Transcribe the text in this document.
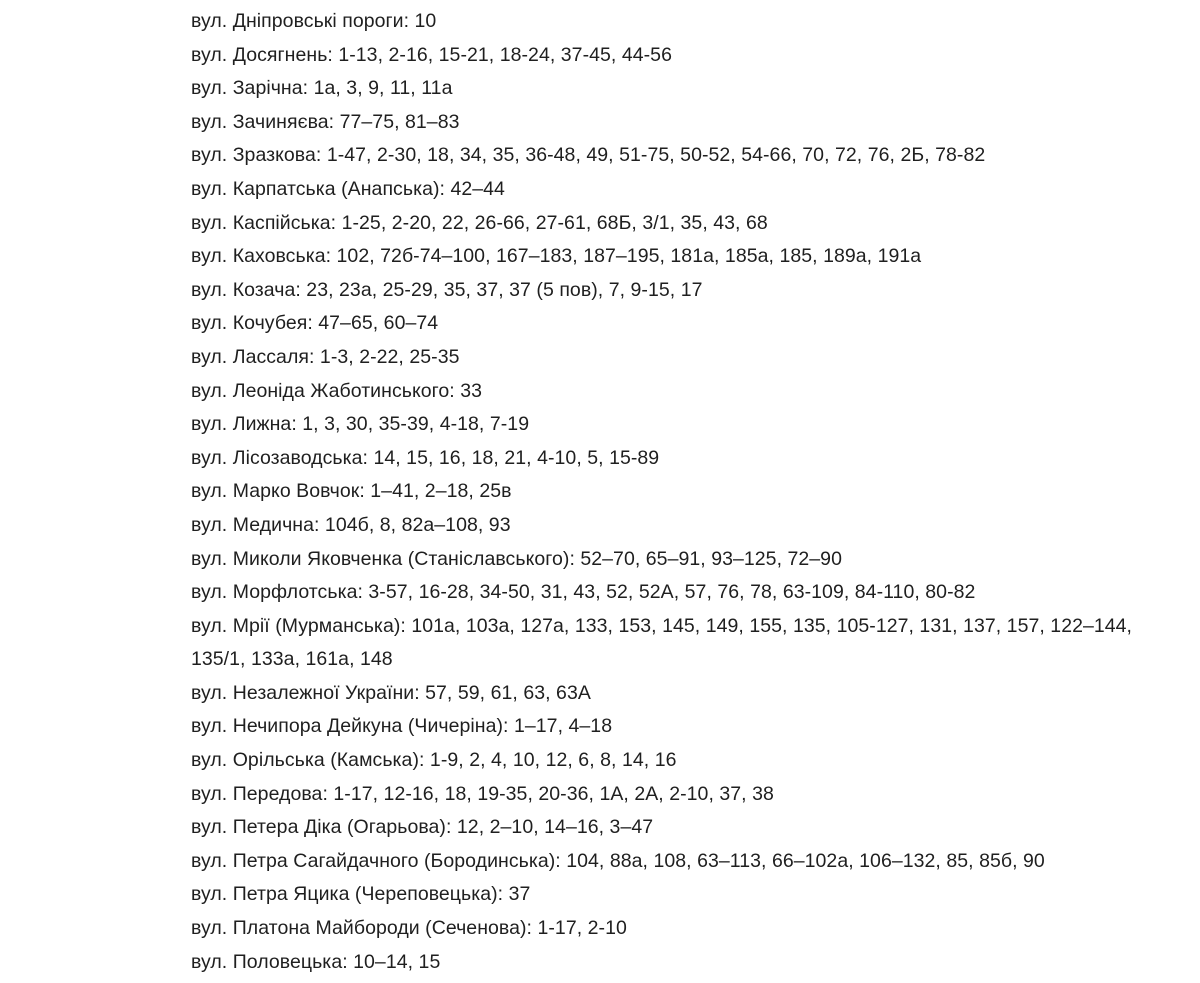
вул. Дніпровські пороги: 10
вул. Досягнень: 1-13, 2-16, 15-21, 18-24, 37-45, 44-56
вул. Зарічна: 1а, 3, 9, 11, 11а
вул. Зачиняєва: 77–75, 81–83
вул. Зразкова: 1-47, 2-30, 18, 34, 35, 36-48, 49, 51-75, 50-52, 54-66, 70, 72, 76, 2Б, 78-82
вул. Карпатська (Анапська): 42–44
вул. Каспійська: 1-25, 2-20, 22, 26-66, 27-61, 68Б, 3/1, 35, 43, 68
вул. Каховська: 102, 72б-74–100, 167–183, 187–195, 181а, 185а, 185, 189а, 191а
вул. Козача: 23, 23а, 25-29, 35, 37, 37 (5 пов), 7, 9-15, 17
вул. Кочубея: 47–65, 60–74
вул. Лассаля: 1-3, 2-22, 25-35
вул. Леоніда Жаботинського: 33
вул. Лижна: 1, 3, 30, 35-39, 4-18, 7-19
вул. Лісозаводська: 14, 15, 16, 18, 21, 4-10, 5, 15-89
вул. Марко Вовчок: 1–41, 2–18, 25в
вул. Медична: 104б, 8, 82а–108, 93
вул. Миколи Яковченка (Станіславського): 52–70, 65–91, 93–125, 72–90
вул. Морфлотська: 3-57, 16-28, 34-50, 31, 43, 52, 52А, 57, 76, 78, 63-109, 84-110, 80-82
вул. Мрії (Мурманська): 101а, 103а, 127а, 133, 153, 145, 149, 155, 135, 105-127, 131, 137, 157, 122–144, 135/1, 133а, 161а, 148
вул. Незалежної України: 57, 59, 61, 63, 63А
вул. Нечипора Дейкуна (Чичеріна): 1–17, 4–18
вул. Орільська (Камська): 1-9, 2, 4, 10, 12, 6, 8, 14, 16
вул. Передова: 1-17, 12-16, 18, 19-35, 20-36, 1А, 2А, 2-10, 37, 38
вул. Петера Діка (Огарьова): 12, 2–10, 14–16, 3–47
вул. Петра Сагайдачного (Бородинська): 104, 88а, 108, 63–113, 66–102а, 106–132, 85, 85б, 90
вул. Петра Яцика (Череповецька): 37
вул. Платона Майбороди (Сеченова): 1-17, 2-10
вул. Половецька: 10–14, 15
